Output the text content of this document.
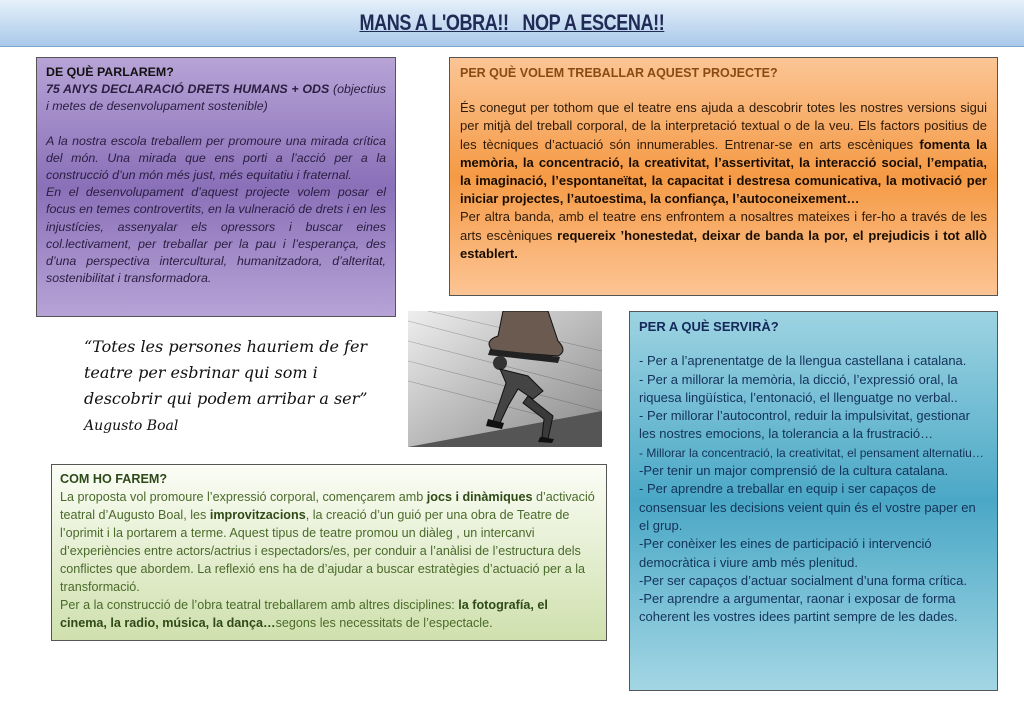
MANS A L'OBRA!!   NOP A ESCENA!!
DE QUÈ PARLAREM?

75 ANYS DECLARACIÓ DRETS HUMANS + ODS (objectius i metes de desenvolupament sostenible)

A la nostra escola treballem per promoure una mirada crítica del món. Una mirada que ens porti a l’acció per a la construcció d’un món més just, més equitatiu i fraternal.

En el desenvolupament d’aquest projecte volem posar el focus en temes controvertits, en la vulneració de drets i en les injustícies, assenyalar els opressors i buscar eines col.lectivament, per treballar per la pau i l’esperança, des d’una perspectiva intercultural, humanitzadora, d’alteritat, sostenibilitat i transformadora.

PER QUÈ VOLEM TREBALLAR AQUEST PROJECTE?

És conegut per tothom que el teatre ens ajuda a descobrir totes les nostres versions sigui per mitjà del treball corporal, de la interpretació textual o de la veu. Els factors positius de les tècniques d’actuació són innumerables. Entrenar-se en arts escèniques fomenta la memòria, la concentració, la creativitat, l’assertivitat, la interacció social, l’empatia, la imaginació, l’espontaneïtat, la capacitat i destresa comunicativa, la motivació per iniciar projectes, l’autoestima, la confiança, l’autoconeixement…

Per altra banda, amb el teatre ens enfrontem a nosaltres mateixes i fer-ho a través de les arts escèniques requereix ’honestedat, deixar de banda la por, el prejudicis i tot allò establert.

“Totes les persones hauriem de fer teatre per esbrinar qui som i descobrir qui podem arribar a ser” Augusto Boal
PER A QUÈ SERVIRÀ?
- Per a l’aprenentatge de la llengua castellana i catalana.
- Per a millorar la memòria, la dicció, l’expressió oral, la riquesa lingüística, l’entonació, el llenguatge no verbal..
- Per millorar l’autocontrol, reduir la impulsivitat, gestionar les nostres emocions, la tolerancia a la frustració…
- Millorar la concentració, la creativitat, el pensament alternatiu…
-Per tenir un major comprensió de la cultura catalana.
- Per aprendre a treballar en equip i ser capaços de consensuar les decisions veient quin és el vostre paper en el grup.
-Per conèixer les eines de participació i intervenció democràtica i viure amb més plenitud.
-Per ser capaços d’actuar socialment d’una forma crítica.
-Per aprendre a argumentar, raonar i exposar de forma coherent les vostres idees partint sempre de les dades.
COM HO FAREM?

La proposta vol promoure l’expressió corporal, començarem amb jocs i dinàmiques d’activació teatral d’Augusto Boal, les improvitzacions, la creació d’un guió per una obra de Teatre de l’oprimit i la portarem a terme. Aquest tipus de teatre promou un diàleg , un intercanvi d’experiències entre actors/actrius i espectadors/es, per conduir a l’anàlisi de l’estructura dels conflictes que abordem. La reflexió ens ha de d’ajudar a buscar estratègies d’actuació per a la transformació.

Per a la construcció de l’obra teatral treballarem amb altres disciplines: la fotografía, el cinema, la radio, música, la dança…segons les necessitats de l’espectacle.
